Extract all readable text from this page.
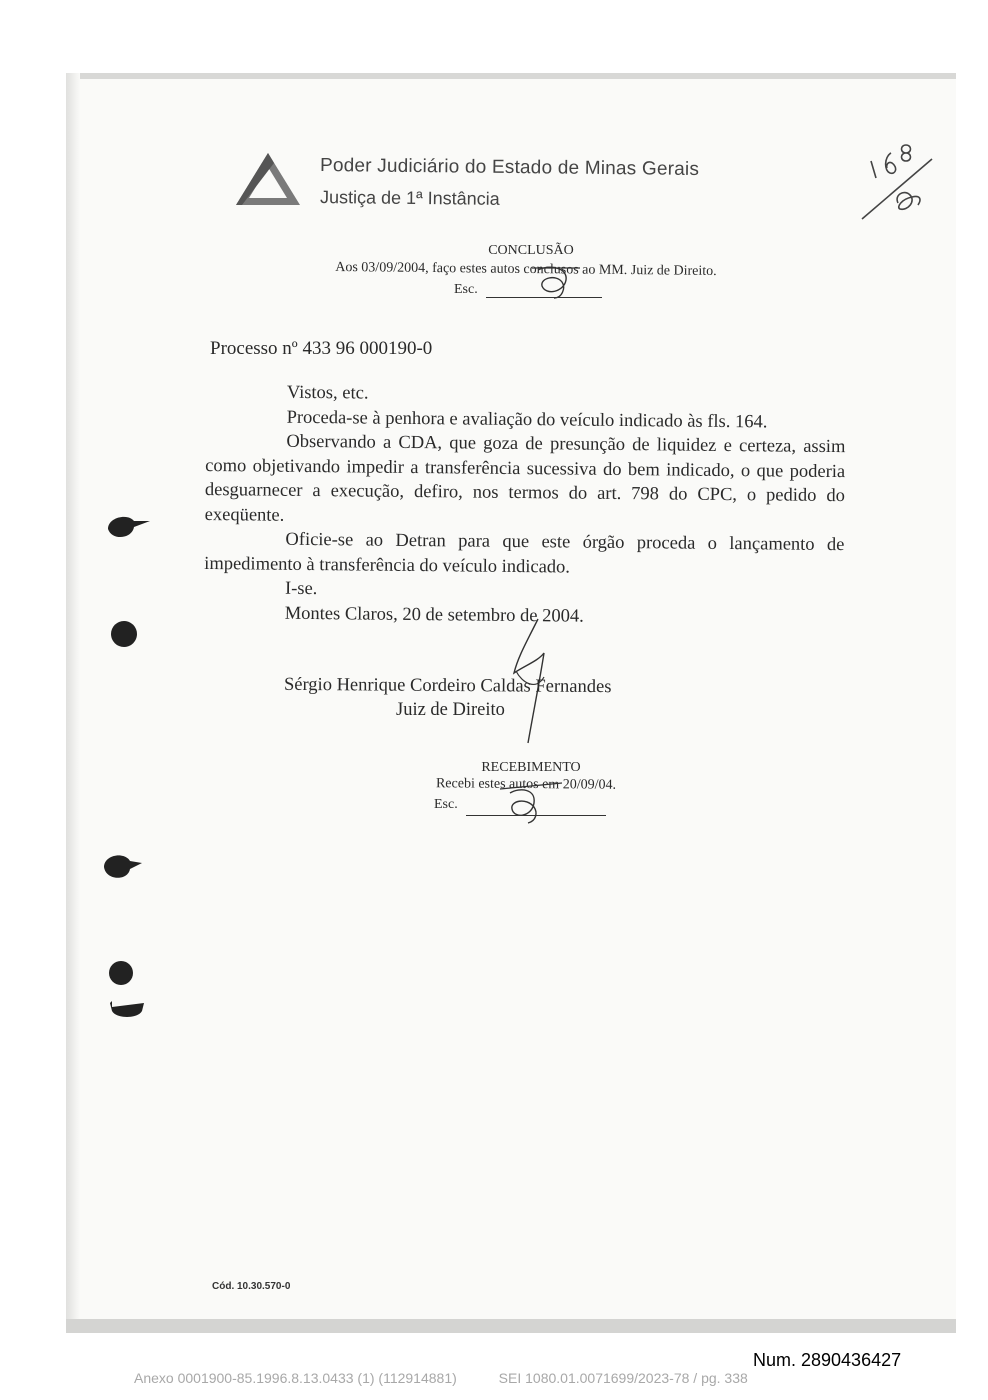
Poder Judiciário do Estado de Minas Gerais
Justiça de 1ª Instância
CONCLUSÃO
Aos 03/09/2004, faço estes autos conclusos ao MM. Juiz de Direito.
Esc.
Processo nº 433 96 000190-0

Vistos, etc.

Proceda-se à penhora e avaliação do veículo indicado às fls. 164.

Observando a CDA, que goza de presunção de liquidez e certeza, assim como objetivando impedir a transferência sucessiva do bem indicado, o que poderia desguarnecer a execução, defiro, nos termos do art. 798 do CPC, o pedido do exeqüente.

Oficie-se ao Detran para que este órgão proceda o lançamento de impedimento à transferência do veículo indicado.

I-se.

Montes Claros, 20 de setembro de 2004.

Sérgio Henrique Cordeiro Caldas Fernandes
Juiz de Direito
RECEBIMENTO
Recebi estes autos em 20/09/04.
Esc.
Cód. 10.30.570-0
Num. 2890436427
Anexo 0001900-85.1996.8.13.0433 (1) (112914881)	SEI 1080.01.0071699/2023-78 / pg. 338
